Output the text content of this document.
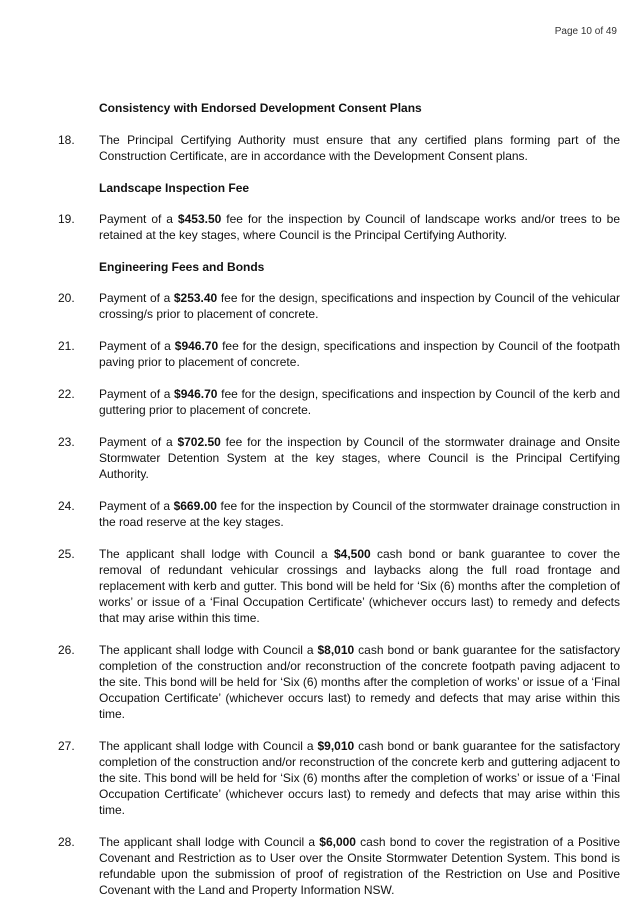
Page 10 of 49
Consistency with Endorsed Development Consent Plans
18. The Principal Certifying Authority must ensure that any certified plans forming part of the Construction Certificate, are in accordance with the Development Consent plans.
Landscape Inspection Fee
19. Payment of a $453.50 fee for the inspection by Council of landscape works and/or trees to be retained at the key stages, where Council is the Principal Certifying Authority.
Engineering Fees and Bonds
20. Payment of a $253.40 fee for the design, specifications and inspection by Council of the vehicular crossing/s prior to placement of concrete.
21. Payment of a $946.70 fee for the design, specifications and inspection by Council of the footpath paving prior to placement of concrete.
22. Payment of a $946.70 fee for the design, specifications and inspection by Council of the kerb and guttering prior to placement of concrete.
23. Payment of a $702.50 fee for the inspection by Council of the stormwater drainage and Onsite Stormwater Detention System at the key stages, where Council is the Principal Certifying Authority.
24. Payment of a $669.00 fee for the inspection by Council of the stormwater drainage construction in the road reserve at the key stages.
25. The applicant shall lodge with Council a $4,500 cash bond or bank guarantee to cover the removal of redundant vehicular crossings and laybacks along the full road frontage and replacement with kerb and gutter. This bond will be held for ‘Six (6) months after the completion of works’ or issue of a ‘Final Occupation Certificate’ (whichever occurs last) to remedy and defects that may arise within this time.
26. The applicant shall lodge with Council a $8,010 cash bond or bank guarantee for the satisfactory completion of the construction and/or reconstruction of the concrete footpath paving adjacent to the site. This bond will be held for ‘Six (6) months after the completion of works’ or issue of a ‘Final Occupation Certificate’ (whichever occurs last) to remedy and defects that may arise within this time.
27. The applicant shall lodge with Council a $9,010 cash bond or bank guarantee for the satisfactory completion of the construction and/or reconstruction of the concrete kerb and guttering adjacent to the site. This bond will be held for ‘Six (6) months after the completion of works’ or issue of a ‘Final Occupation Certificate’ (whichever occurs last) to remedy and defects that may arise within this time.
28. The applicant shall lodge with Council a $6,000 cash bond to cover the registration of a Positive Covenant and Restriction as to User over the Onsite Stormwater Detention System. This bond is refundable upon the submission of proof of registration of the Restriction on Use and Positive Covenant with the Land and Property Information NSW.
